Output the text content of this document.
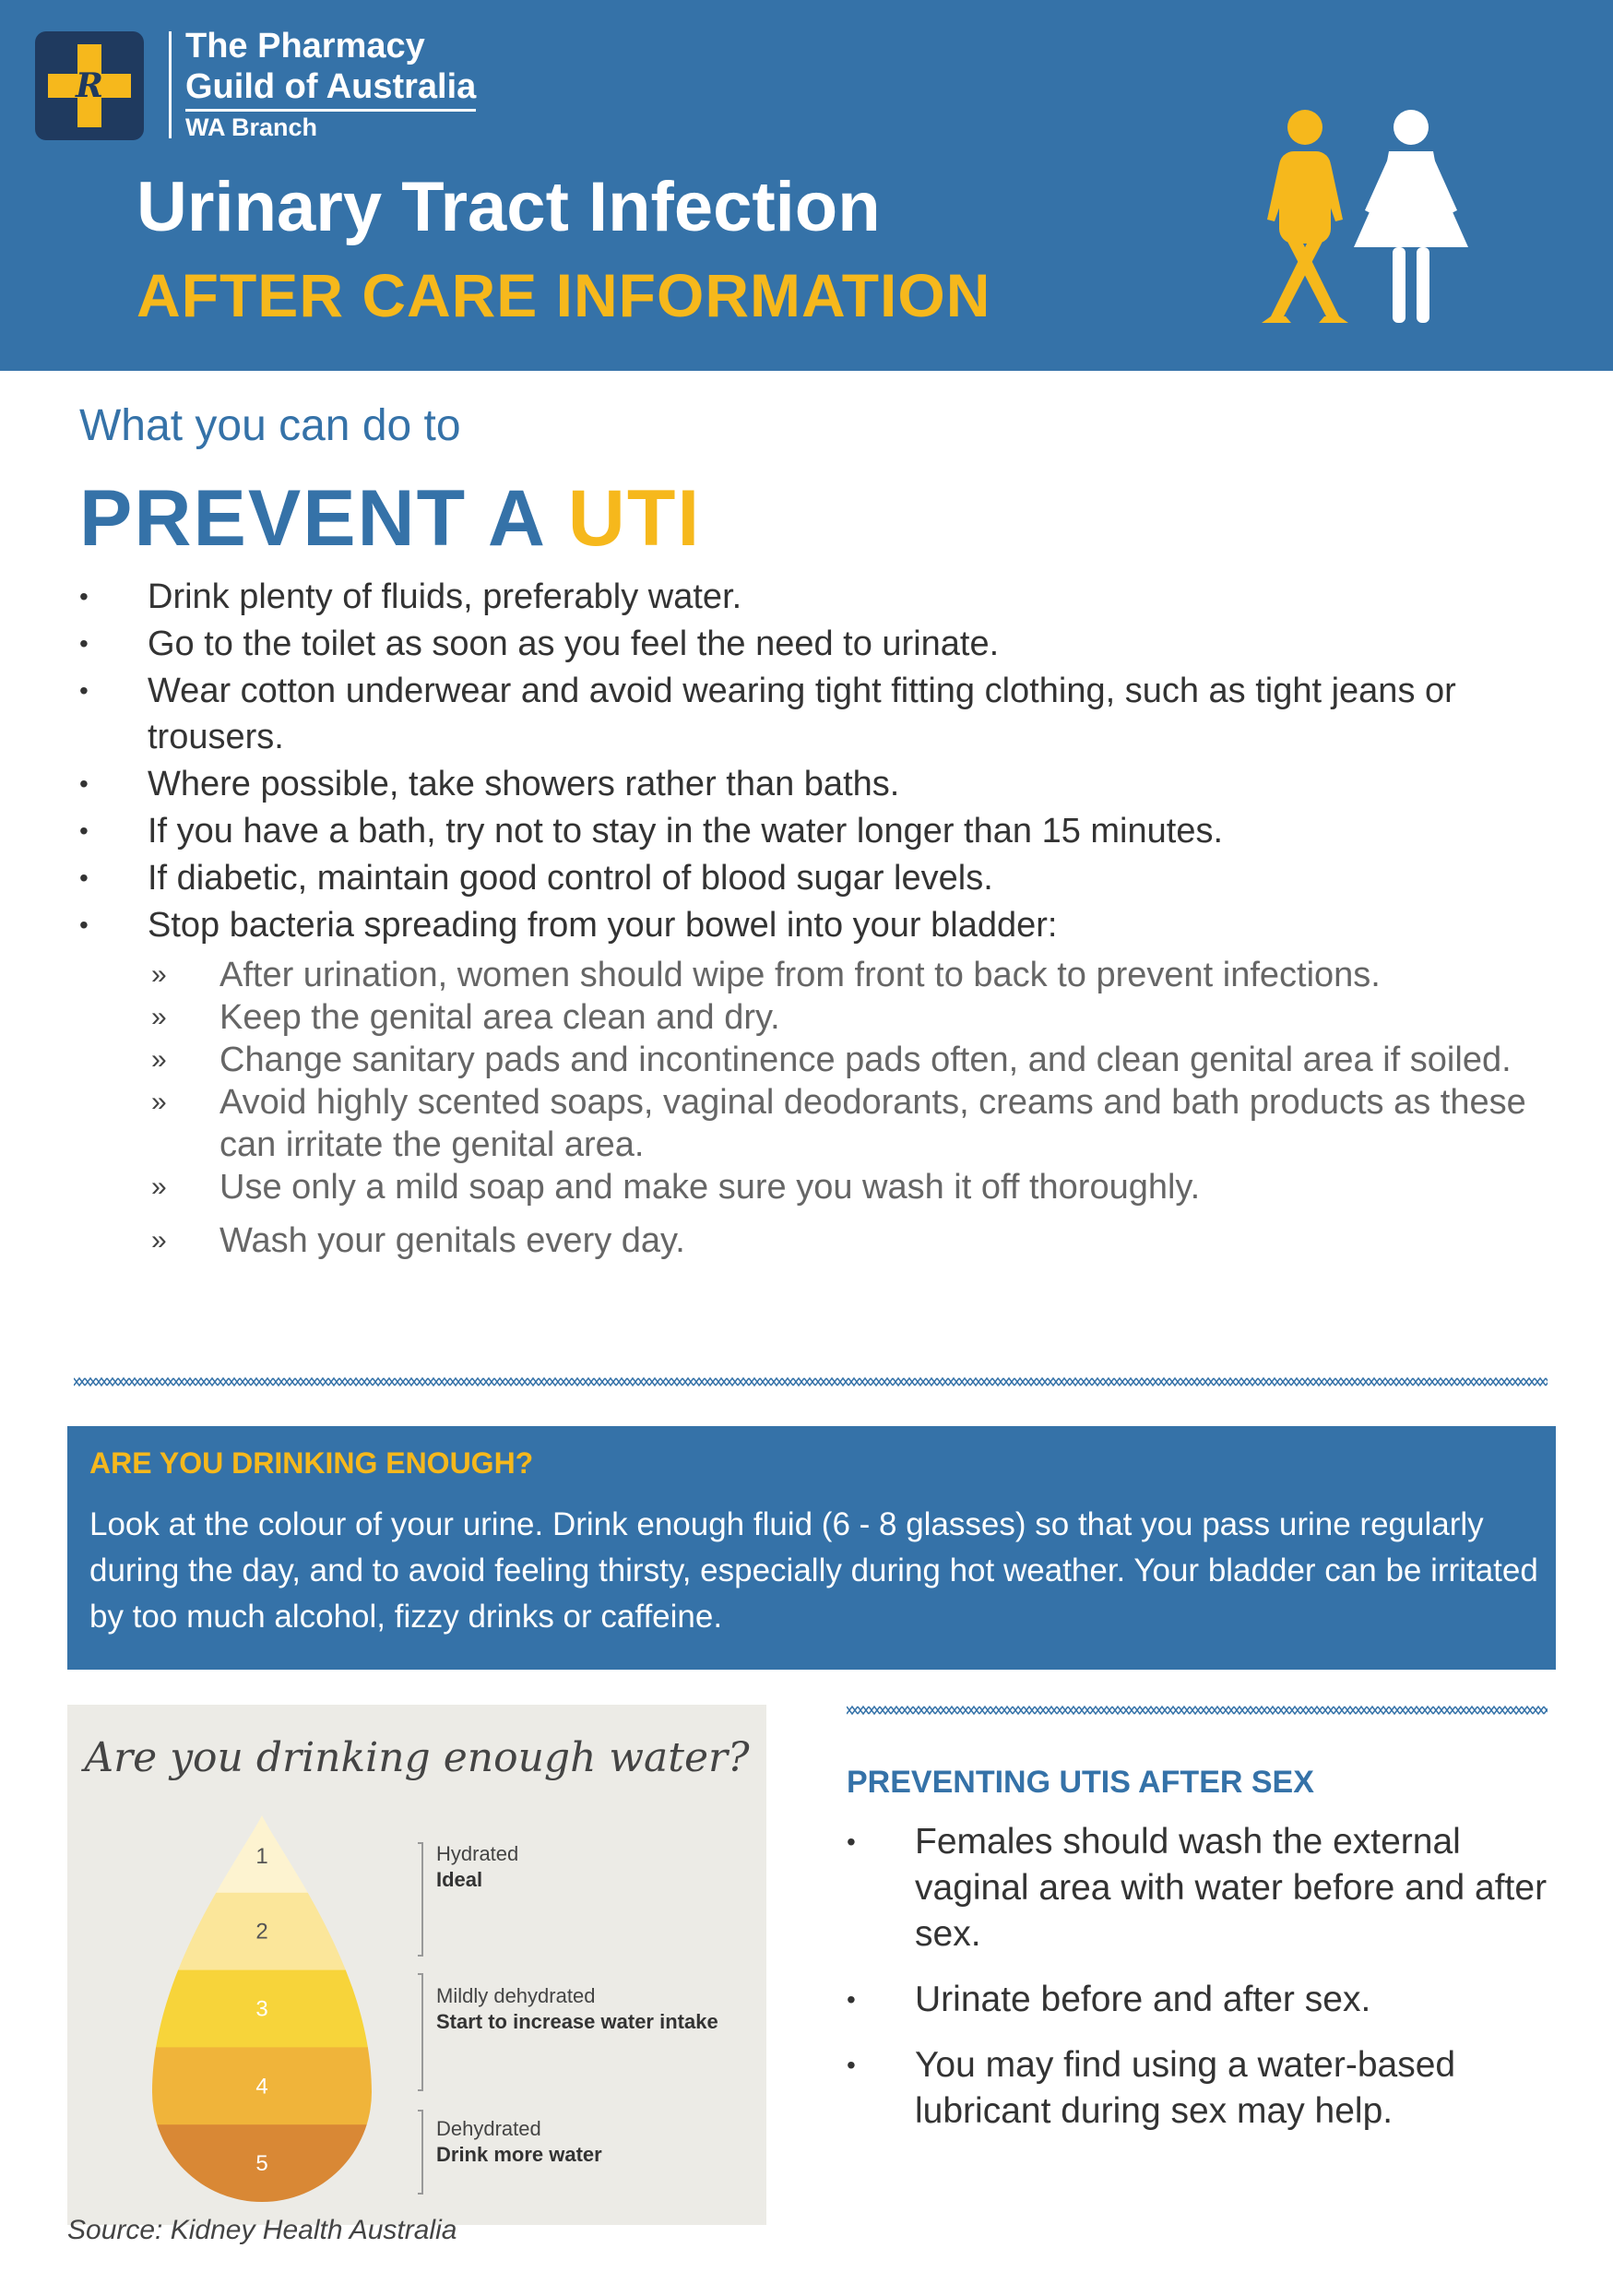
R
The Pharmacy
Guild of Australia
WA Branch
Urinary Tract Infection
AFTER CARE INFORMATION
What you can do to
PREVENT A UTI
• Drink plenty of fluids, preferably water.
• Go to the toilet as soon as you feel the need to urinate.
• Wear cotton underwear and avoid wearing tight fitting clothing, such as tight jeans or trousers.
• Where possible, take showers rather than baths.
• If you have a bath, try not to stay in the water longer than 15 minutes.
• If diabetic, maintain good control of blood sugar levels.
• Stop bacteria spreading from your bowel into your bladder:
» After urination, women should wipe from front to back to prevent infections.
» Keep the genital area clean and dry.
» Change sanitary pads and incontinence pads often, and clean genital area if soiled.
» Avoid highly scented soaps, vaginal deodorants, creams and bath products as these can irritate the genital area.
» Use only a mild soap and make sure you wash it off thoroughly.
» Wash your genitals every day.
ARE YOU DRINKING ENOUGH?
Look at the colour of your urine. Drink enough fluid (6 - 8 glasses) so that you pass urine regularly during the day, and to avoid feeling thirsty, especially during hot weather. Your bladder can be irritated by too much alcohol, fizzy drinks or caffeine.
Are you drinking enough water?
1
2
3
4
5
Hydrated
Ideal
Mildly dehydrated
Start to increase water intake
Dehydrated
Drink more water
Source: Kidney Health Australia
PREVENTING UTIS AFTER SEX
• Females should wash the external vaginal area with water before and after sex.
• Urinate before and after sex.
• You may find using a water-based lubricant during sex may help.
